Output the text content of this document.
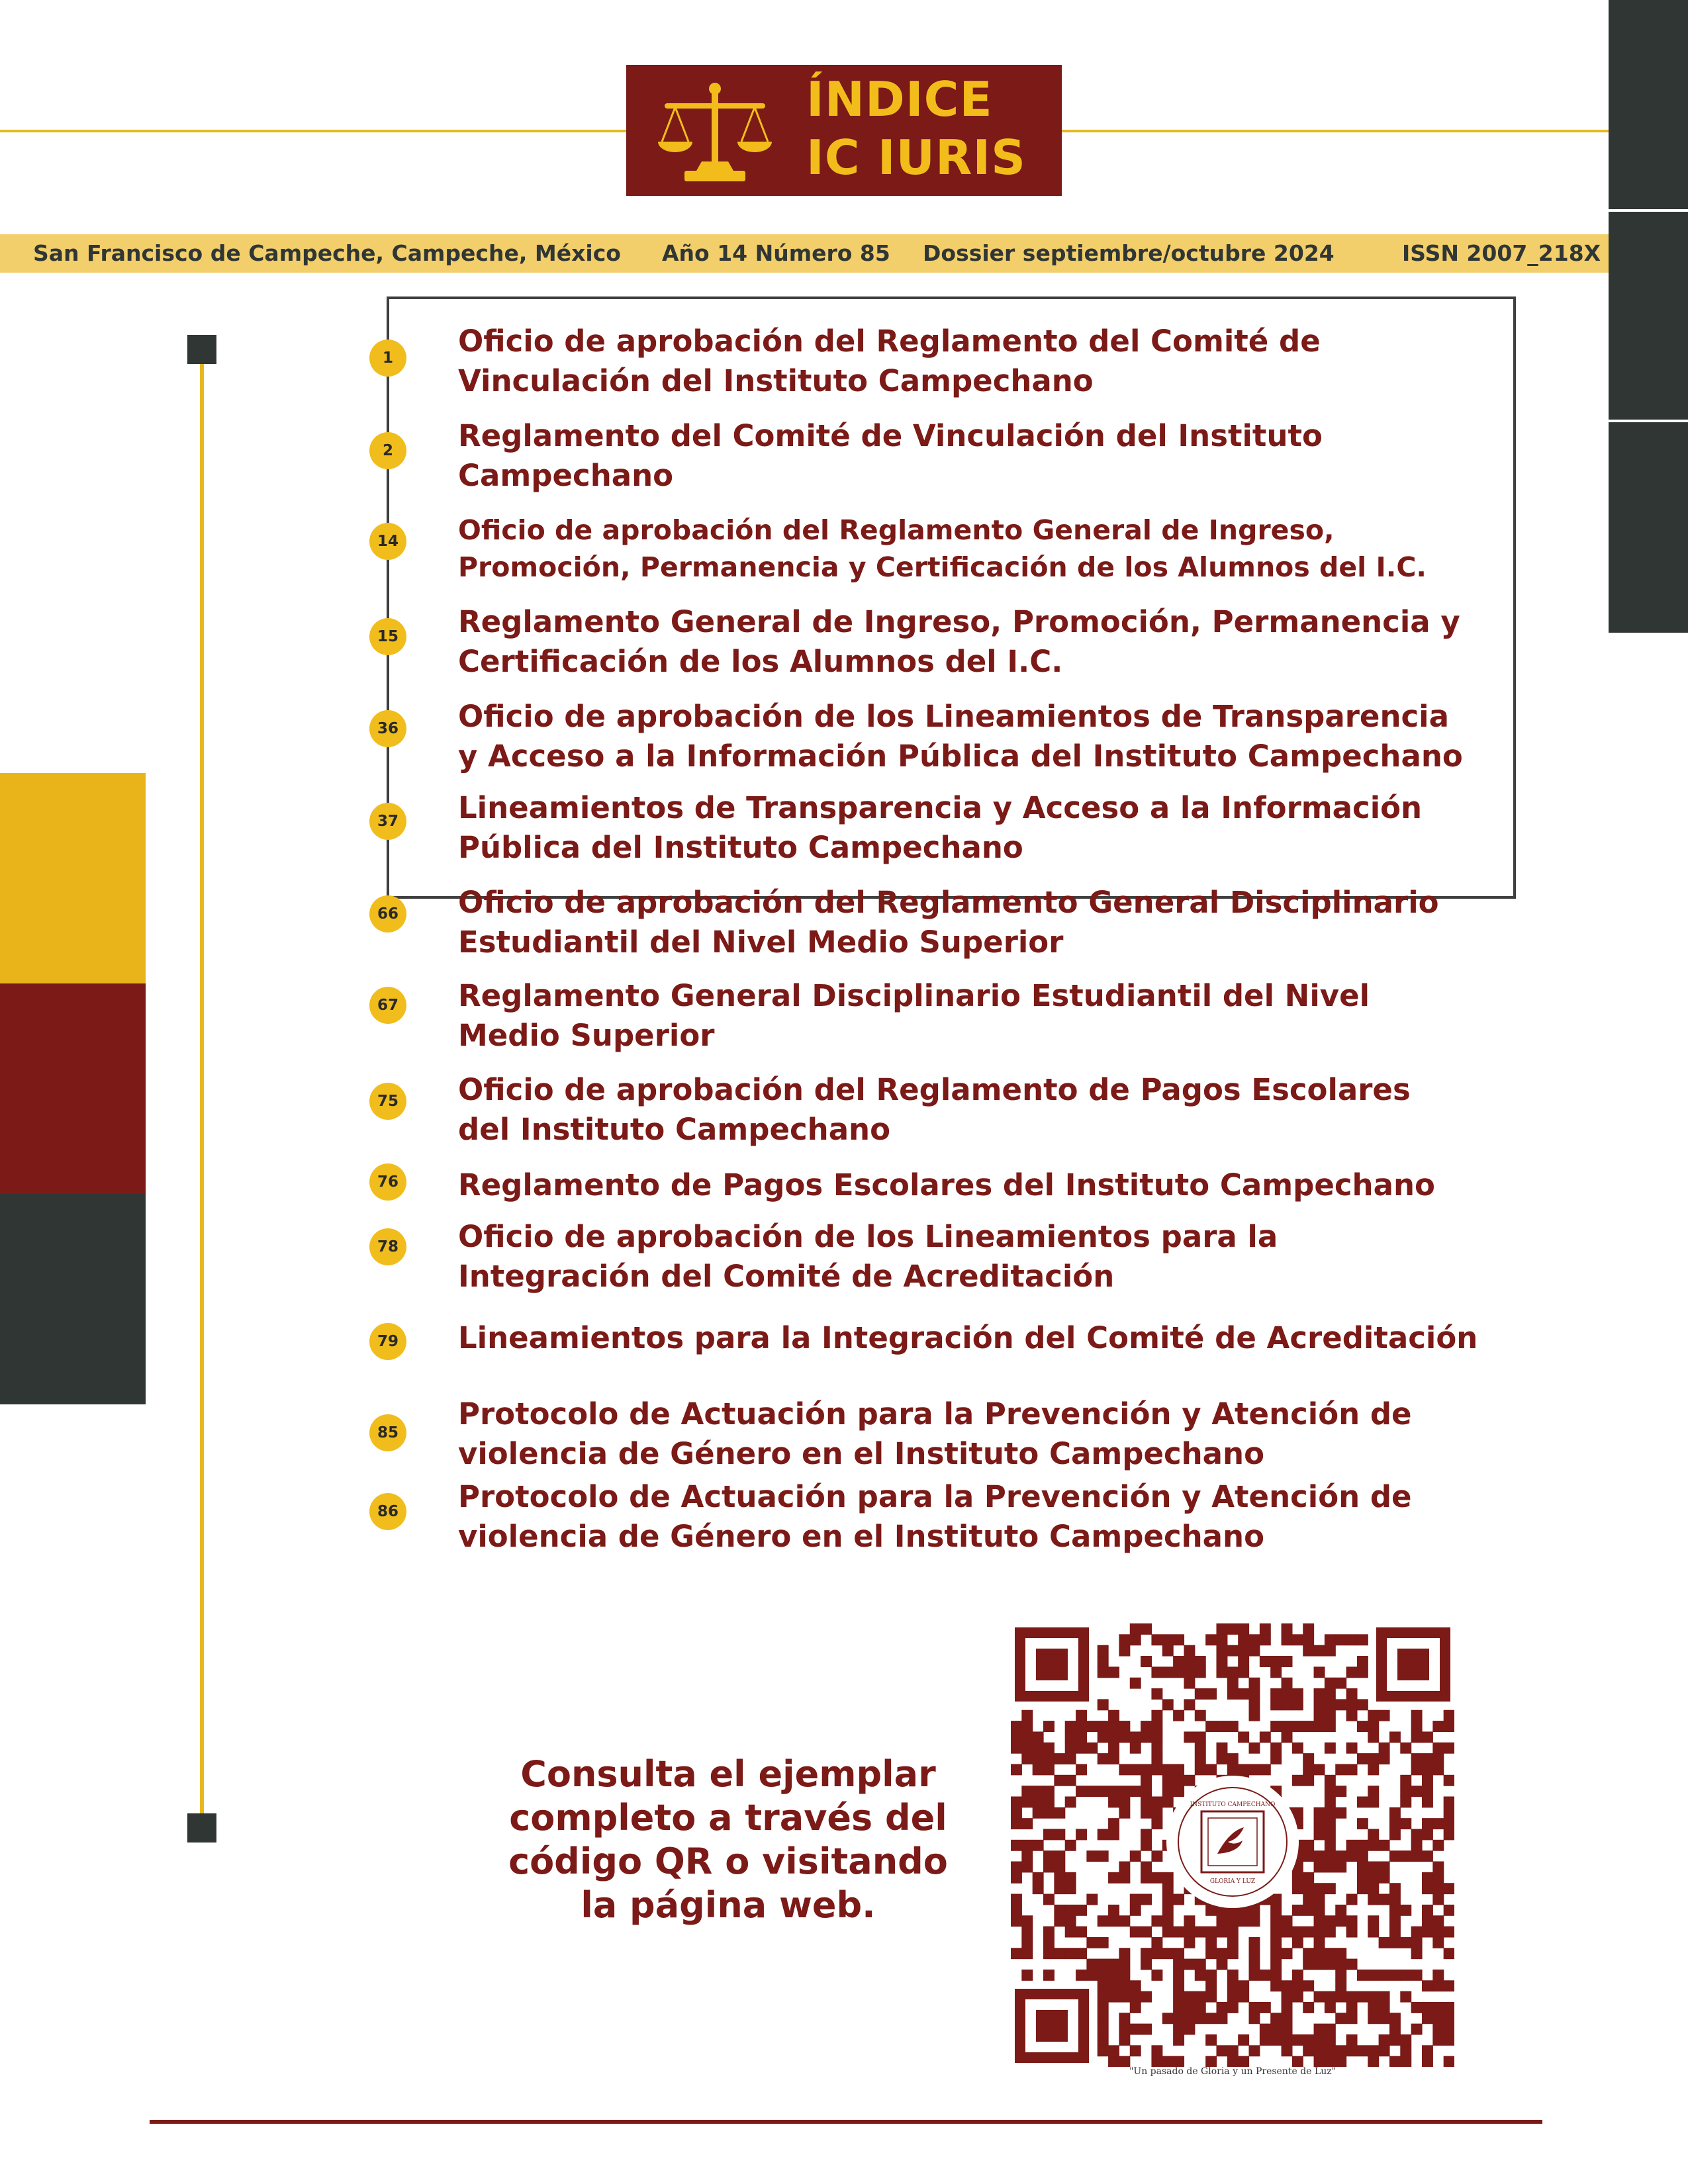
ÍNDICE
IC IURIS
San Francisco de Campeche, Campeche, México Año 14 Número 85 Dossier septiembre/octubre 2024	ISSN 2007_218X
1	Oficio de aprobación del Reglamento del Comité de
Vinculación del Instituto Campechano
2	Reglamento del Comité de Vinculación del Instituto
Campechano
14 Oficio de aprobación del Reglamento General de Ingreso,
Promoción, Permanencia y Certificación de los Alumnos del I.C.
15 Reglamento General de Ingreso, Promoción, Permanencia y
Certificación de los Alumnos del I.C.
36 Oficio de aprobación de los Lineamientos de Transparencia
y Acceso a la Información Pública del Instituto Campechano
37 Lineamientos de Transparencia y Acceso a la Información
Pública del Instituto Campechano
66 Oficio de aprobación del Reglamento General Disciplinario
Estudiantil del Nivel Medio Superior
67 Reglamento General Disciplinario Estudiantil del Nivel
Medio Superior
75 Oficio de aprobación del Reglamento de Pagos Escolares
del Instituto Campechano
76 Reglamento de Pagos Escolares del Instituto Campechano
78 Oficio de aprobación de los Lineamientos para la
Integración del Comité de Acreditación
79 Lineamientos para la Integración del Comité de Acreditación
85
Protocolo de Actuación para la Prevención y Atención de
violencia de Género en el Instituto Campechano
86 Protocolo de Actuación para la Prevención y Atención de
violencia de Género en el Instituto Campechano
Consulta el ejemplar
completo a través del
código QR o visitando
la página web.
INSTITUTO CAMPECHANO
GLORIA Y LUZ
"Un pasado de Gloria y un Presente de Luz"
